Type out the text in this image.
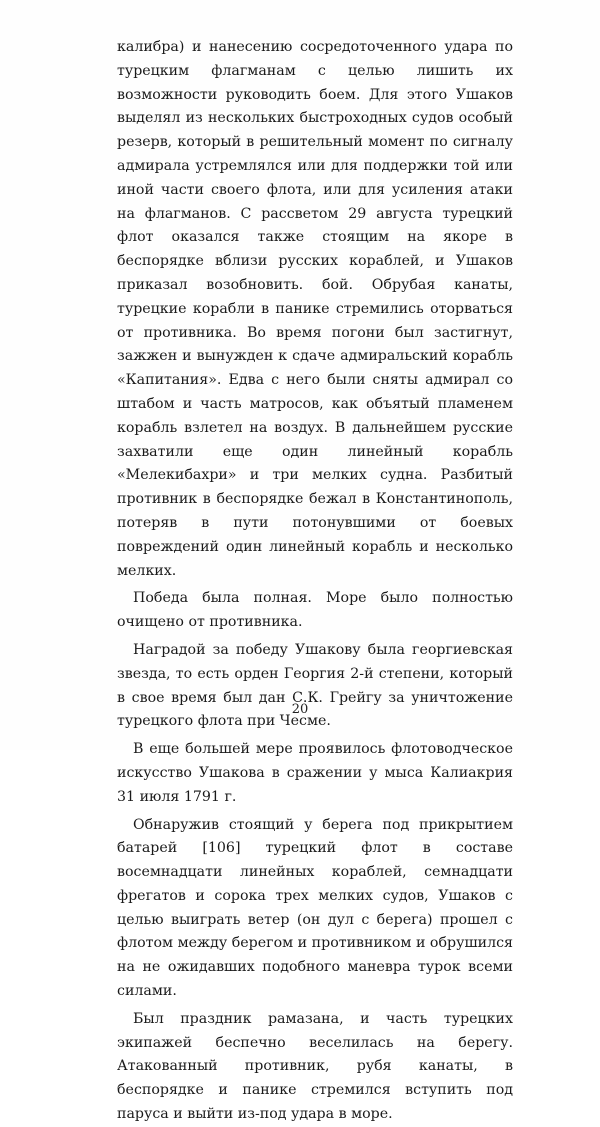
калибра) и нанесению сосредоточенного удара по турецким флагманам с целью лишить их возможности руководить боем. Для этого Ушаков выделял из нескольких быстроходных судов особый резерв, который в решительный момент по сигналу адмирала устремлялся или для поддержки той или иной части своего флота, или для усиления атаки на флагманов. С рассветом 29 августа турецкий флот оказался также стоящим на якоре в беспорядке вблизи русских кораблей, и Ушаков приказал возобновить. бой. Обрубая канаты, турецкие корабли в панике стремились оторваться от противника. Во время погони был застигнут, зажжен и вынужден к сдаче адмиральский корабль «Капитания». Едва с него были сняты адмирал со штабом и часть матросов, как объятый пламенем корабль взлетел на воздух. В дальнейшем русские захватили еще один линейный корабль «Мелекибахри» и три мелких судна. Разбитый противник в беспорядке бежал в Константинополь, потеряв в пути потонувшими от боевых повреждений один линейный корабль и несколько мелких.

Победа была полная. Море было полностью очищено от противника.

Наградой за победу Ушакову была георгиевская звезда, то есть орден Георгия 2-й степени, который в свое время был дан С.К. Грейгу за уничтожение турецкого флота при Чесме.

В еще большей мере проявилось флотоводческое искусство Ушакова в сражении у мыса Калиакрия 31 июля 1791 г.

Обнаружив стоящий у берега под прикрытием батарей [106] турецкий флот в составе восемнадцати линейных кораблей, семнадцати фрегатов и сорока трех мелких судов, Ушаков с целью выиграть ветер (он дул с берега) прошел с флотом между берегом и противником и обрушился на не ожидавших подобного маневра турок всеми силами.

Был праздник рамазана, и часть турецких экипажей беспечно веселилась на берегу. Атакованный противник, рубя канаты, в беспорядке и панике стремился вступить под паруса и выйти из-под удара в море.

20
